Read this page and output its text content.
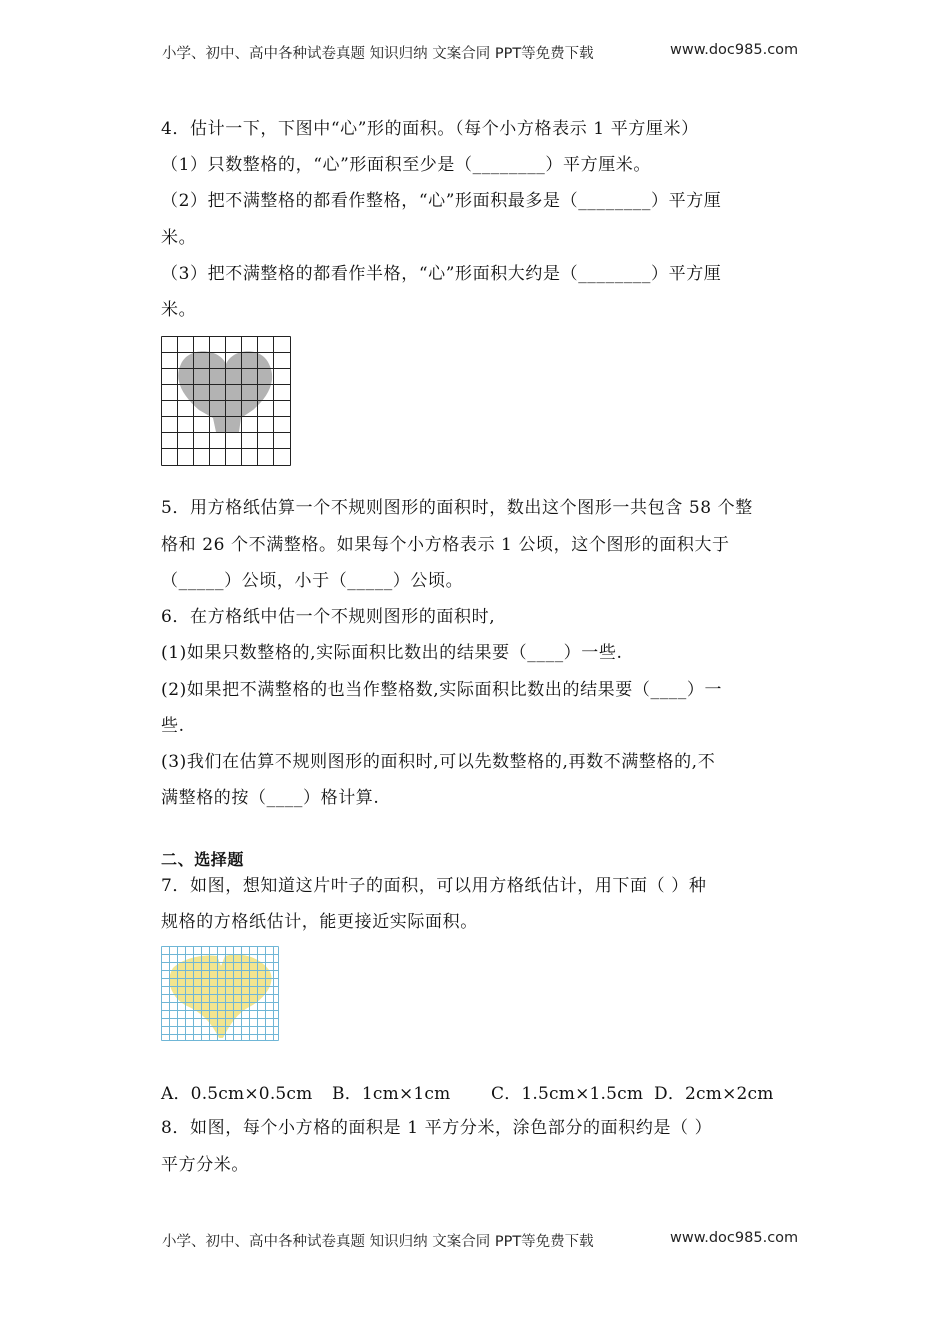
小学、初中、高中各种试卷真题 知识归纳 文案合同 PPT等免费下载	www.doc985.com
4．估计一下，下图中“心”形的面积。（每个小方格表示 1 平方厘米）
（1）只数整格的，“心”形面积至少是（________）平方厘米。
（2）把不满整格的都看作整格，“心”形面积最多是（________）平方厘
米。
（3）把不满整格的都看作半格，“心”形面积大约是（________）平方厘
米。
5．用方格纸估算一个不规则图形的面积时，数出这个图形一共包含 58 个整
格和 26 个不满整格。如果每个小方格表示 1 公顷，这个图形的面积大于
（_____）公顷，小于（_____）公顷。
6．在方格纸中估一个不规则图形的面积时,
(1)如果只数整格的,实际面积比数出的结果要（____）一些.
(2)如果把不满整格的也当作整格数,实际面积比数出的结果要（____）一
些.
(3)我们在估算不规则图形的面积时,可以先数整格的,再数不满整格的,不
满整格的按（____）格计算.
二、选择题
7．如图，想知道这片叶子的面积，可以用方格纸估计，用下面（ ）种
规格的方格纸估计，能更接近实际面积。
A．0.5cm×0.5cm B．1cm×1cm C．1.5cm×1.5cm D．2cm×2cm
8．如图，每个小方格的面积是 1 平方分米，涂色部分的面积约是（ ）
平方分米。
小学、初中、高中各种试卷真题 知识归纳 文案合同 PPT等免费下载	www.doc985.com
